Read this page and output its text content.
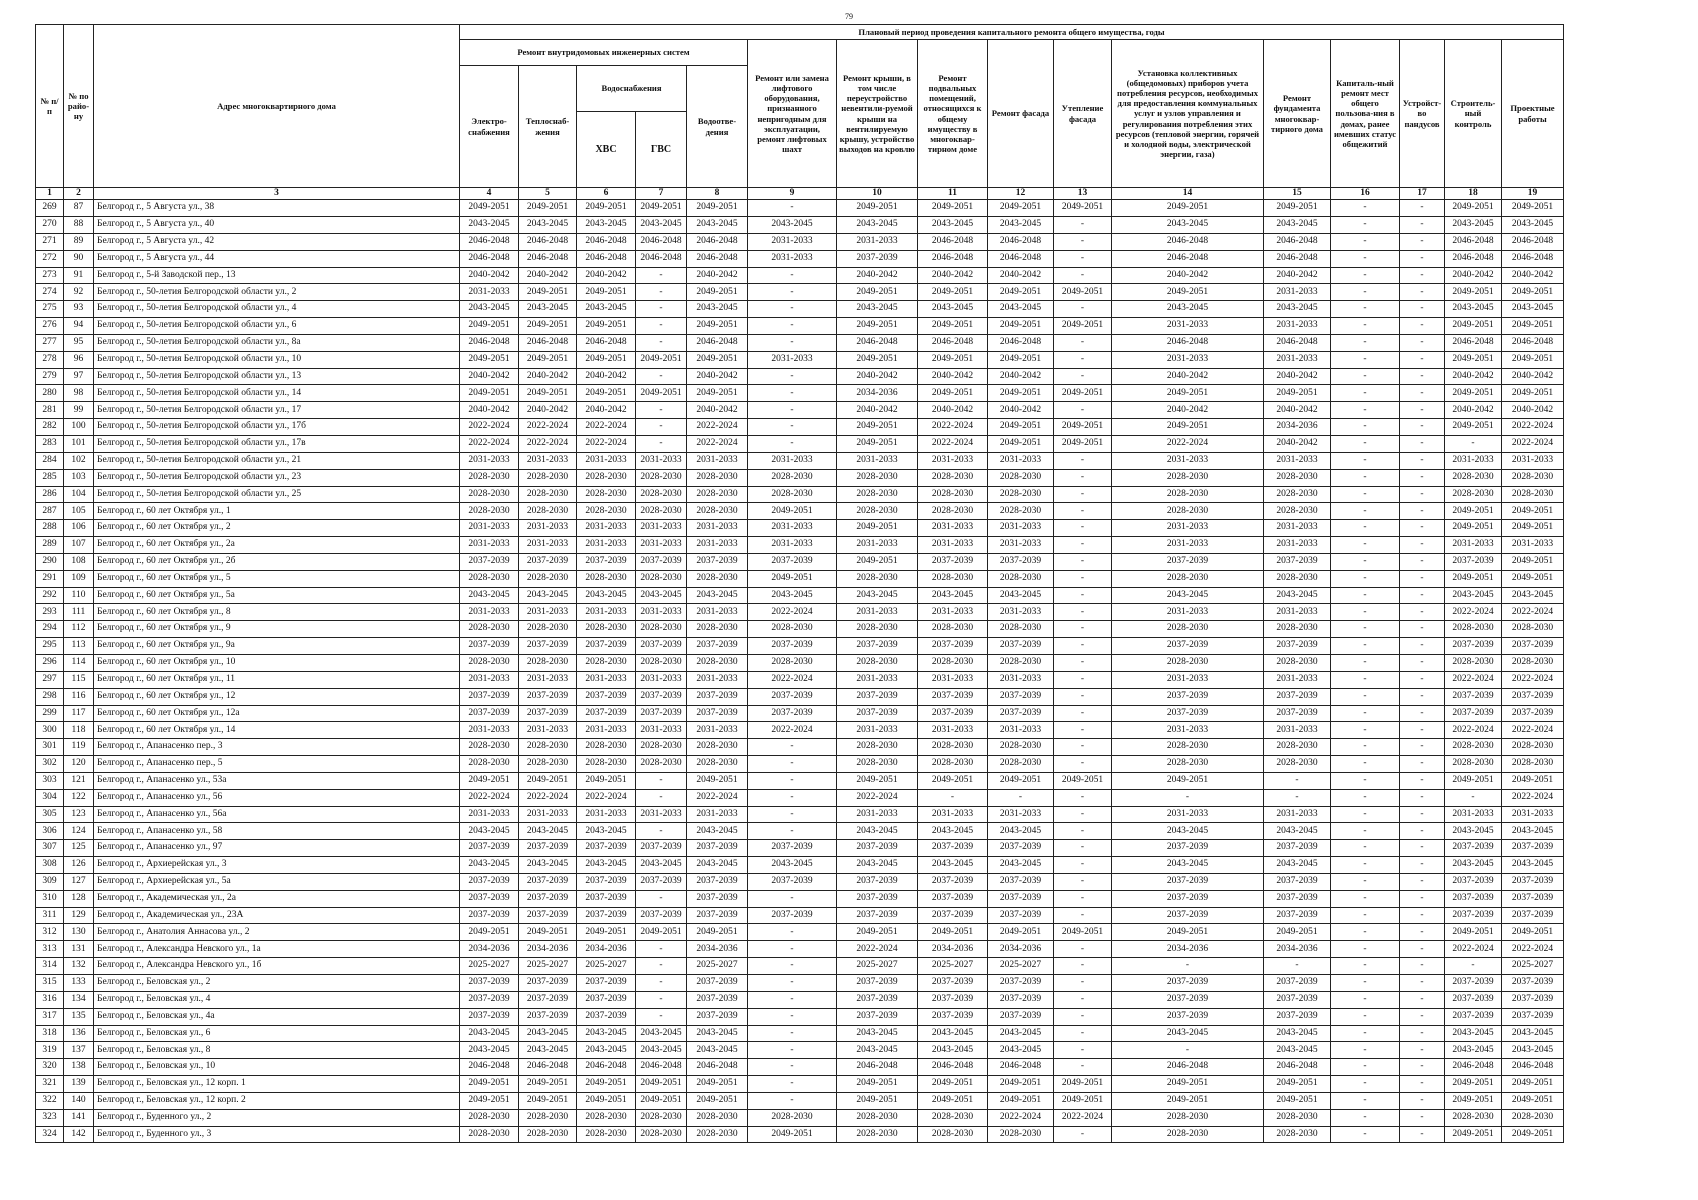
79
№ п/п	№ по райо-ну	Адрес многоквартирного дома	Плановый период проведения капитального ремонта общего имущества, годы															
			Ремонт внутридомовых инженерных систем					Ремонт или замена лифтового оборудования, признанного непригодным для эксплуатации, ремонт лифтовых шахт	Ремонт крыши, в том числе переустройство невентили-руемой крыши на вентилируемую крышу, устройство выходов на кровлю	Ремонт подвальных помещений, относящихся к общему имуществу в многоквар-тирном доме	Ремонт фасада	Утепление фасада	Установка коллективных (общедомовых) приборов учета потребления ресурсов, необходимых для предоставления коммунальных услуг и узлов управления и регулирования потребления этих ресурсов (тепловой энергии, горячей и холодной воды, электрической энергии, газа)	Ремонт фундамента многоквар-тирного дома	Капиталь-ный ремонт мест общего пользова-ния в домах, ранее имевших статус общежитий	Устройст-во пандусов	Строитель-ный контроль	Проектные работы
			Электро-снабжения	Теплоснаб-жения	Водоснабжения		Водоотве-дения											
					ХВС	ГВС												
1	2	3	4	5	6	7	8	9	10	11	12	13	14	15	16	17	18	19
269	87	Белгород г., 5 Августа ул., 38	2049-2051	2049-2051	2049-2051	2049-2051	2049-2051	-	2049-2051	2049-2051	2049-2051	2049-2051	2049-2051	2049-2051	-	-	2049-2051	2049-2051
270	88	Белгород г., 5 Августа ул., 40	2043-2045	2043-2045	2043-2045	2043-2045	2043-2045	2043-2045	2043-2045	2043-2045	2043-2045	-	2043-2045	2043-2045	-	-	2043-2045	2043-2045
271	89	Белгород г., 5 Августа ул., 42	2046-2048	2046-2048	2046-2048	2046-2048	2046-2048	2031-2033	2031-2033	2046-2048	2046-2048	-	2046-2048	2046-2048	-	-	2046-2048	2046-2048
272	90	Белгород г., 5 Августа ул., 44	2046-2048	2046-2048	2046-2048	2046-2048	2046-2048	2031-2033	2037-2039	2046-2048	2046-2048	-	2046-2048	2046-2048	-	-	2046-2048	2046-2048
273	91	Белгород г., 5-й Заводской пер., 13	2040-2042	2040-2042	2040-2042	-	2040-2042	-	2040-2042	2040-2042	2040-2042	-	2040-2042	2040-2042	-	-	2040-2042	2040-2042
274	92	Белгород г., 50-летия Белгородской области ул., 2	2031-2033	2049-2051	2049-2051	-	2049-2051	-	2049-2051	2049-2051	2049-2051	2049-2051	2049-2051	2031-2033	-	-	2049-2051	2049-2051
275	93	Белгород г., 50-летия Белгородской области ул., 4	2043-2045	2043-2045	2043-2045	-	2043-2045	-	2043-2045	2043-2045	2043-2045	-	2043-2045	2043-2045	-	-	2043-2045	2043-2045
276	94	Белгород г., 50-летия Белгородской области ул., 6	2049-2051	2049-2051	2049-2051	-	2049-2051	-	2049-2051	2049-2051	2049-2051	2049-2051	2031-2033	2031-2033	-	-	2049-2051	2049-2051
277	95	Белгород г., 50-летия Белгородской области ул., 8а	2046-2048	2046-2048	2046-2048	-	2046-2048	-	2046-2048	2046-2048	2046-2048	-	2046-2048	2046-2048	-	-	2046-2048	2046-2048
278	96	Белгород г., 50-летия Белгородской области ул., 10	2049-2051	2049-2051	2049-2051	2049-2051	2049-2051	2031-2033	2049-2051	2049-2051	2049-2051	-	2031-2033	2031-2033	-	-	2049-2051	2049-2051
279	97	Белгород г., 50-летия Белгородской области ул., 13	2040-2042	2040-2042	2040-2042	-	2040-2042	-	2040-2042	2040-2042	2040-2042	-	2040-2042	2040-2042	-	-	2040-2042	2040-2042
280	98	Белгород г., 50-летия Белгородской области ул., 14	2049-2051	2049-2051	2049-2051	2049-2051	2049-2051	-	2034-2036	2049-2051	2049-2051	2049-2051	2049-2051	2049-2051	-	-	2049-2051	2049-2051
281	99	Белгород г., 50-летия Белгородской области ул., 17	2040-2042	2040-2042	2040-2042	-	2040-2042	-	2040-2042	2040-2042	2040-2042	-	2040-2042	2040-2042	-	-	2040-2042	2040-2042
282	100	Белгород г., 50-летия Белгородской области ул., 17б	2022-2024	2022-2024	2022-2024	-	2022-2024	-	2049-2051	2022-2024	2049-2051	2049-2051	2049-2051	2034-2036	-	-	2049-2051	2022-2024
283	101	Белгород г., 50-летия Белгородской области ул., 17в	2022-2024	2022-2024	2022-2024	-	2022-2024	-	2049-2051	2022-2024	2049-2051	2049-2051	2022-2024	2040-2042	-	-	-	2022-2024
284	102	Белгород г., 50-летия Белгородской области ул., 21	2031-2033	2031-2033	2031-2033	2031-2033	2031-2033	2031-2033	2031-2033	2031-2033	2031-2033	-	2031-2033	2031-2033	-	-	2031-2033	2031-2033
285	103	Белгород г., 50-летия Белгородской области ул., 23	2028-2030	2028-2030	2028-2030	2028-2030	2028-2030	2028-2030	2028-2030	2028-2030	2028-2030	-	2028-2030	2028-2030	-	-	2028-2030	2028-2030
286	104	Белгород г., 50-летия Белгородской области ул., 25	2028-2030	2028-2030	2028-2030	2028-2030	2028-2030	2028-2030	2028-2030	2028-2030	2028-2030	-	2028-2030	2028-2030	-	-	2028-2030	2028-2030
287	105	Белгород г., 60 лет Октября ул., 1	2028-2030	2028-2030	2028-2030	2028-2030	2028-2030	2049-2051	2028-2030	2028-2030	2028-2030	-	2028-2030	2028-2030	-	-	2049-2051	2049-2051
288	106	Белгород г., 60 лет Октября ул., 2	2031-2033	2031-2033	2031-2033	2031-2033	2031-2033	2031-2033	2049-2051	2031-2033	2031-2033	-	2031-2033	2031-2033	-	-	2049-2051	2049-2051
289	107	Белгород г., 60 лет Октября ул., 2а	2031-2033	2031-2033	2031-2033	2031-2033	2031-2033	2031-2033	2031-2033	2031-2033	2031-2033	-	2031-2033	2031-2033	-	-	2031-2033	2031-2033
290	108	Белгород г., 60 лет Октября ул., 2б	2037-2039	2037-2039	2037-2039	2037-2039	2037-2039	2037-2039	2049-2051	2037-2039	2037-2039	-	2037-2039	2037-2039	-	-	2037-2039	2049-2051
291	109	Белгород г., 60 лет Октября ул., 5	2028-2030	2028-2030	2028-2030	2028-2030	2028-2030	2049-2051	2028-2030	2028-2030	2028-2030	-	2028-2030	2028-2030	-	-	2049-2051	2049-2051
292	110	Белгород г., 60 лет Октября ул., 5а	2043-2045	2043-2045	2043-2045	2043-2045	2043-2045	2043-2045	2043-2045	2043-2045	2043-2045	-	2043-2045	2043-2045	-	-	2043-2045	2043-2045
293	111	Белгород г., 60 лет Октября ул., 8	2031-2033	2031-2033	2031-2033	2031-2033	2031-2033	2022-2024	2031-2033	2031-2033	2031-2033	-	2031-2033	2031-2033	-	-	2022-2024	2022-2024
294	112	Белгород г., 60 лет Октября ул., 9	2028-2030	2028-2030	2028-2030	2028-2030	2028-2030	2028-2030	2028-2030	2028-2030	2028-2030	-	2028-2030	2028-2030	-	-	2028-2030	2028-2030
295	113	Белгород г., 60 лет Октября ул., 9а	2037-2039	2037-2039	2037-2039	2037-2039	2037-2039	2037-2039	2037-2039	2037-2039	2037-2039	-	2037-2039	2037-2039	-	-	2037-2039	2037-2039
296	114	Белгород г., 60 лет Октября ул., 10	2028-2030	2028-2030	2028-2030	2028-2030	2028-2030	2028-2030	2028-2030	2028-2030	2028-2030	-	2028-2030	2028-2030	-	-	2028-2030	2028-2030
297	115	Белгород г., 60 лет Октября ул., 11	2031-2033	2031-2033	2031-2033	2031-2033	2031-2033	2022-2024	2031-2033	2031-2033	2031-2033	-	2031-2033	2031-2033	-	-	2022-2024	2022-2024
298	116	Белгород г., 60 лет Октября ул., 12	2037-2039	2037-2039	2037-2039	2037-2039	2037-2039	2037-2039	2037-2039	2037-2039	2037-2039	-	2037-2039	2037-2039	-	-	2037-2039	2037-2039
299	117	Белгород г., 60 лет Октября ул., 12а	2037-2039	2037-2039	2037-2039	2037-2039	2037-2039	2037-2039	2037-2039	2037-2039	2037-2039	-	2037-2039	2037-2039	-	-	2037-2039	2037-2039
300	118	Белгород г., 60 лет Октября ул., 14	2031-2033	2031-2033	2031-2033	2031-2033	2031-2033	2022-2024	2031-2033	2031-2033	2031-2033	-	2031-2033	2031-2033	-	-	2022-2024	2022-2024
301	119	Белгород г., Апанасенко пер., 3	2028-2030	2028-2030	2028-2030	2028-2030	2028-2030	-	2028-2030	2028-2030	2028-2030	-	2028-2030	2028-2030	-	-	2028-2030	2028-2030
302	120	Белгород г., Апанасенко пер., 5	2028-2030	2028-2030	2028-2030	2028-2030	2028-2030	-	2028-2030	2028-2030	2028-2030	-	2028-2030	2028-2030	-	-	2028-2030	2028-2030
303	121	Белгород г., Апанасенко ул., 53а	2049-2051	2049-2051	2049-2051	-	2049-2051	-	2049-2051	2049-2051	2049-2051	2049-2051	2049-2051	-	-	-	2049-2051	2049-2051
304	122	Белгород г., Апанасенко ул., 56	2022-2024	2022-2024	2022-2024	-	2022-2024	-	2022-2024	-	-	-	-	-	-	-	-	2022-2024
305	123	Белгород г., Апанасенко ул., 56а	2031-2033	2031-2033	2031-2033	2031-2033	2031-2033	-	2031-2033	2031-2033	2031-2033	-	2031-2033	2031-2033	-	-	2031-2033	2031-2033
306	124	Белгород г., Апанасенко ул., 58	2043-2045	2043-2045	2043-2045	-	2043-2045	-	2043-2045	2043-2045	2043-2045	-	2043-2045	2043-2045	-	-	2043-2045	2043-2045
307	125	Белгород г., Апанасенко ул., 97	2037-2039	2037-2039	2037-2039	2037-2039	2037-2039	2037-2039	2037-2039	2037-2039	2037-2039	-	2037-2039	2037-2039	-	-	2037-2039	2037-2039
308	126	Белгород г., Архиерейская ул., 3	2043-2045	2043-2045	2043-2045	2043-2045	2043-2045	2043-2045	2043-2045	2043-2045	2043-2045	-	2043-2045	2043-2045	-	-	2043-2045	2043-2045
309	127	Белгород г., Архиерейская ул., 5а	2037-2039	2037-2039	2037-2039	2037-2039	2037-2039	2037-2039	2037-2039	2037-2039	2037-2039	-	2037-2039	2037-2039	-	-	2037-2039	2037-2039
310	128	Белгород г., Академическая ул., 2а	2037-2039	2037-2039	2037-2039	-	2037-2039	-	2037-2039	2037-2039	2037-2039	-	2037-2039	2037-2039	-	-	2037-2039	2037-2039
311	129	Белгород г., Академическая ул., 23А	2037-2039	2037-2039	2037-2039	2037-2039	2037-2039	2037-2039	2037-2039	2037-2039	2037-2039	-	2037-2039	2037-2039	-	-	2037-2039	2037-2039
312	130	Белгород г., Анатолия Аннасова ул., 2	2049-2051	2049-2051	2049-2051	2049-2051	2049-2051	-	2049-2051	2049-2051	2049-2051	2049-2051	2049-2051	2049-2051	-	-	2049-2051	2049-2051
313	131	Белгород г., Александра Невского ул., 1а	2034-2036	2034-2036	2034-2036	-	2034-2036	-	2022-2024	2034-2036	2034-2036	-	2034-2036	2034-2036	-	-	2022-2024	2022-2024
314	132	Белгород г., Александра Невского ул., 1б	2025-2027	2025-2027	2025-2027	-	2025-2027	-	2025-2027	2025-2027	2025-2027	-	-	-	-	-	-	2025-2027
315	133	Белгород г., Беловская ул., 2	2037-2039	2037-2039	2037-2039	-	2037-2039	-	2037-2039	2037-2039	2037-2039	-	2037-2039	2037-2039	-	-	2037-2039	2037-2039
316	134	Белгород г., Беловская ул., 4	2037-2039	2037-2039	2037-2039	-	2037-2039	-	2037-2039	2037-2039	2037-2039	-	2037-2039	2037-2039	-	-	2037-2039	2037-2039
317	135	Белгород г., Беловская ул., 4а	2037-2039	2037-2039	2037-2039	-	2037-2039	-	2037-2039	2037-2039	2037-2039	-	2037-2039	2037-2039	-	-	2037-2039	2037-2039
318	136	Белгород г., Беловская ул., 6	2043-2045	2043-2045	2043-2045	2043-2045	2043-2045	-	2043-2045	2043-2045	2043-2045	-	2043-2045	2043-2045	-	-	2043-2045	2043-2045
319	137	Белгород г., Беловская ул., 8	2043-2045	2043-2045	2043-2045	2043-2045	2043-2045	-	2043-2045	2043-2045	2043-2045	-	-	2043-2045	-	-	2043-2045	2043-2045
320	138	Белгород г., Беловская ул., 10	2046-2048	2046-2048	2046-2048	2046-2048	2046-2048	-	2046-2048	2046-2048	2046-2048	-	2046-2048	2046-2048	-	-	2046-2048	2046-2048
321	139	Белгород г., Беловская ул., 12 корп. 1	2049-2051	2049-2051	2049-2051	2049-2051	2049-2051	-	2049-2051	2049-2051	2049-2051	2049-2051	2049-2051	2049-2051	-	-	2049-2051	2049-2051
322	140	Белгород г., Беловская ул., 12 корп. 2	2049-2051	2049-2051	2049-2051	2049-2051	2049-2051	-	2049-2051	2049-2051	2049-2051	2049-2051	2049-2051	2049-2051	-	-	2049-2051	2049-2051
323	141	Белгород г., Буденного ул., 2	2028-2030	2028-2030	2028-2030	2028-2030	2028-2030	2028-2030	2028-2030	2028-2030	2022-2024	2022-2024	2028-2030	2028-2030	-	-	2028-2030	2028-2030
324	142	Белгород г., Буденного ул., 3	2028-2030	2028-2030	2028-2030	2028-2030	2028-2030	2049-2051	2028-2030	2028-2030	2028-2030	-	2028-2030	2028-2030	-	-	2049-2051	2049-2051
